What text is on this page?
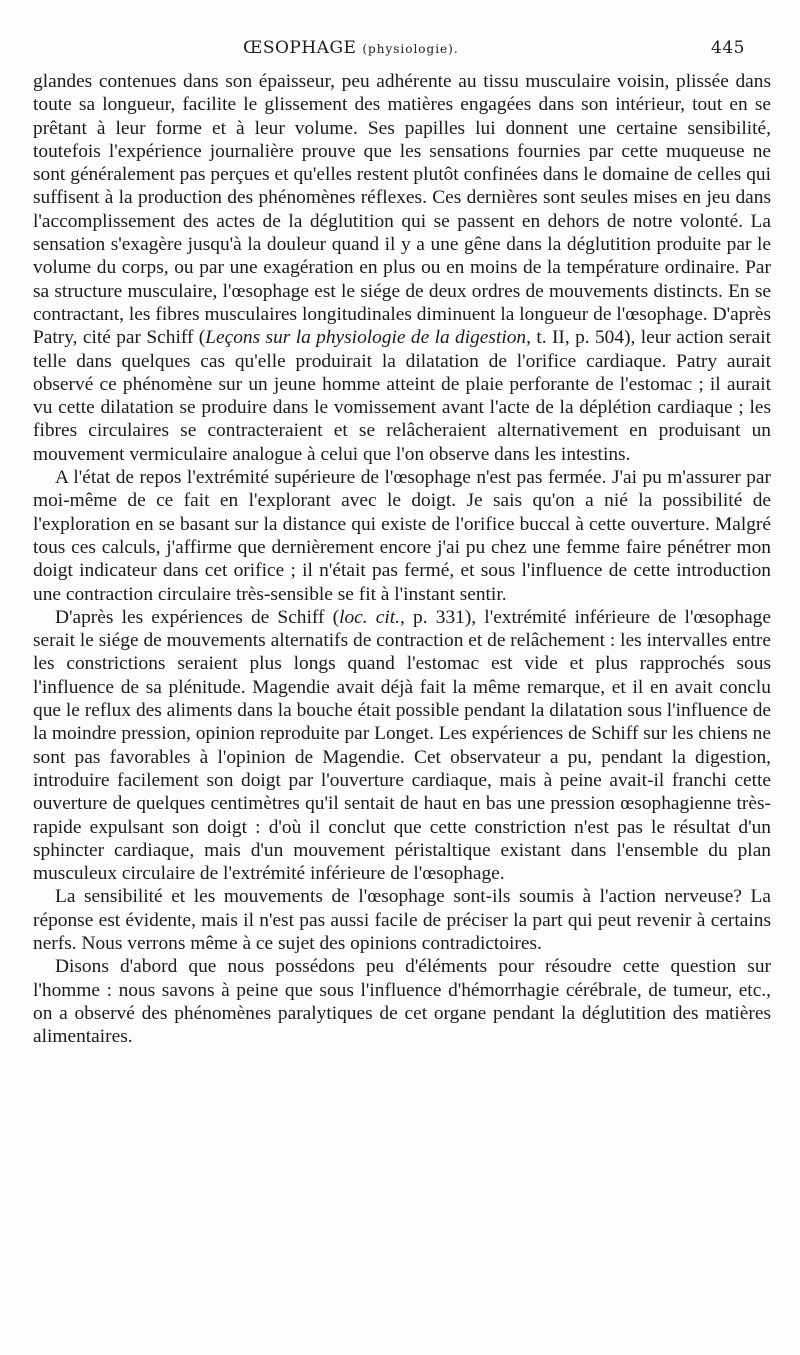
ŒSOPHAGE (physiologie).	445

glandes contenues dans son épaisseur, peu adhérente au tissu musculaire voisin, plissée dans toute sa longueur, facilite le glissement des matières engagées dans son intérieur, tout en se prêtant à leur forme et à leur volume. Ses papilles lui donnent une certaine sensibilité, toutefois l'expérience journalière prouve que les sensations fournies par cette muqueuse ne sont généralement pas perçues et qu'elles restent plutôt confinées dans le domaine de celles qui suffisent à la production des phénomènes réflexes. Ces dernières sont seules mises en jeu dans l'accomplissement des actes de la déglutition qui se passent en dehors de notre volonté. La sensation s'exagère jusqu'à la douleur quand il y a une gêne dans la déglutition produite par le volume du corps, ou par une exagération en plus ou en moins de la température ordinaire. Par sa structure musculaire, l'œsophage est le siége de deux ordres de mouvements distincts. En se contractant, les fibres musculaires longitudinales diminuent la longueur de l'œsophage. D'après Patry, cité par Schiff (Leçons sur la physiologie de la digestion, t. II, p. 504), leur action serait telle dans quelques cas qu'elle produirait la dilatation de l'orifice cardiaque. Patry aurait observé ce phénomène sur un jeune homme atteint de plaie perforante de l'estomac ; il aurait vu cette dilatation se produire dans le vomissement avant l'acte de la déplétion cardiaque ; les fibres circulaires se contracteraient et se relâcheraient alternativement en produisant un mouvement vermiculaire analogue à celui que l'on observe dans les intestins.

A l'état de repos l'extrémité supérieure de l'œsophage n'est pas fermée. J'ai pu m'assurer par moi-même de ce fait en l'explorant avec le doigt. Je sais qu'on a nié la possibilité de l'exploration en se basant sur la distance qui existe de l'orifice buccal à cette ouverture. Malgré tous ces calculs, j'affirme que dernièrement encore j'ai pu chez une femme faire pénétrer mon doigt indicateur dans cet orifice ; il n'était pas fermé, et sous l'influence de cette introduction une contraction circulaire très-sensible se fit à l'instant sentir.

D'après les expériences de Schiff (loc. cit., p. 331), l'extrémité inférieure de l'œsophage serait le siége de mouvements alternatifs de contraction et de relâchement : les intervalles entre les constrictions seraient plus longs quand l'estomac est vide et plus rapprochés sous l'influence de sa plénitude. Magendie avait déjà fait la même remarque, et il en avait conclu que le reflux des aliments dans la bouche était possible pendant la dilatation sous l'influence de la moindre pression, opinion reproduite par Longet. Les expériences de Schiff sur les chiens ne sont pas favorables à l'opinion de Magendie. Cet observateur a pu, pendant la digestion, introduire facilement son doigt par l'ouverture cardiaque, mais à peine avait-il franchi cette ouverture de quelques centimètres qu'il sentait de haut en bas une pression œsophagienne très-rapide expulsant son doigt : d'où il conclut que cette constriction n'est pas le résultat d'un sphincter cardiaque, mais d'un mouvement péristaltique existant dans l'ensemble du plan musculeux circulaire de l'extrémité inférieure de l'œsophage.

La sensibilité et les mouvements de l'œsophage sont-ils soumis à l'action nerveuse? La réponse est évidente, mais il n'est pas aussi facile de préciser la part qui peut revenir à certains nerfs. Nous verrons même à ce sujet des opinions contradictoires.

Disons d'abord que nous possédons peu d'éléments pour résoudre cette question sur l'homme : nous savons à peine que sous l'influence d'hémorrhagie cérébrale, de tumeur, etc., on a observé des phénomènes paralytiques de cet organe pendant la déglutition des matières alimentaires.
